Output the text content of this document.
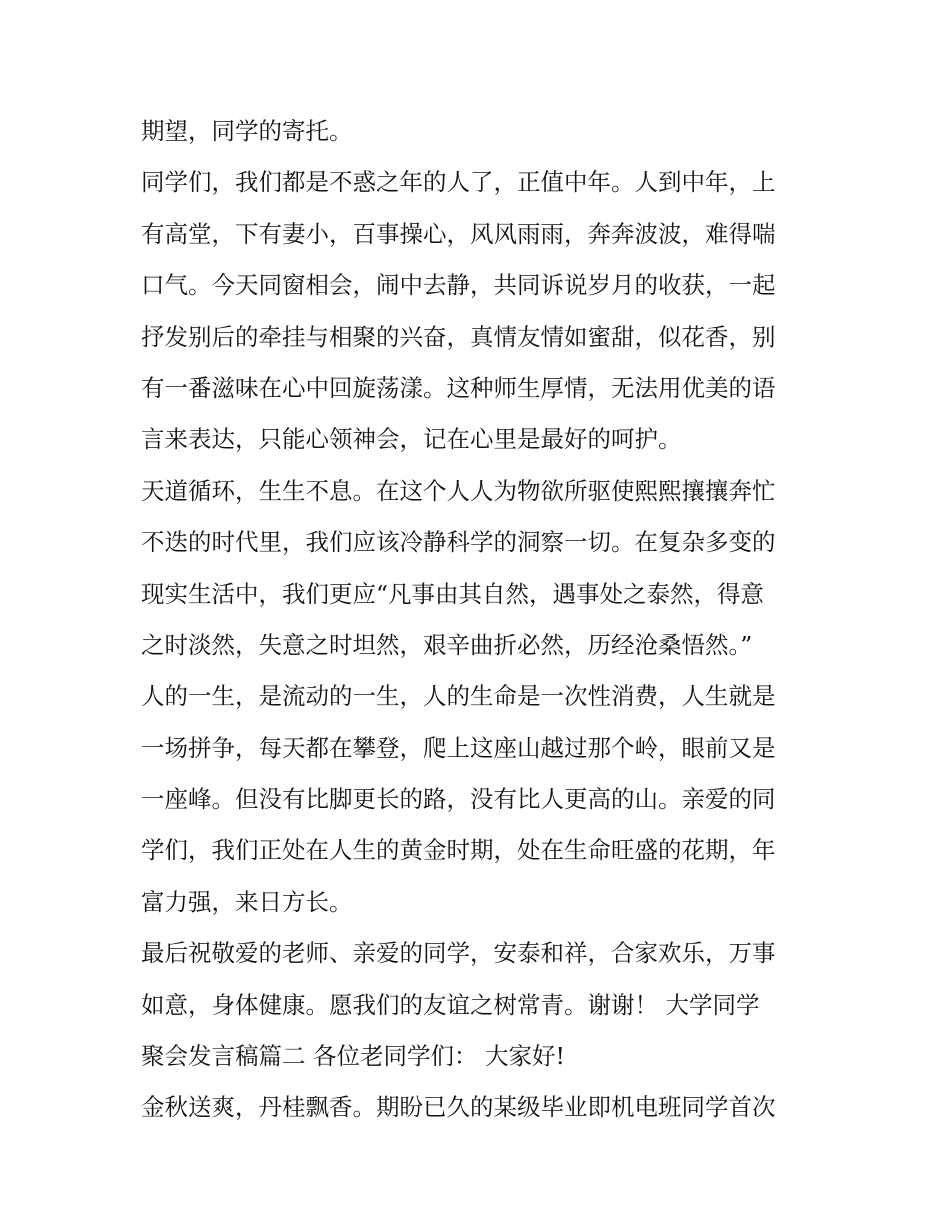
期望，同学的寄托。
同学们，我们都是不惑之年的人了，正值中年。人到中年，上
有高堂，下有妻小，百事操心，风风雨雨，奔奔波波，难得喘
口气。今天同窗相会，闹中去静，共同诉说岁月的收获，一起
抒发别后的牵挂与相聚的兴奋，真情友情如蜜甜，似花香，别
有一番滋味在心中回旋荡漾。这种师生厚情，无法用优美的语
言来表达，只能心领神会，记在心里是最好的呵护。
天道循环，生生不息。在这个人人为物欲所驱使熙熙攘攘奔忙
不迭的时代里，我们应该冷静科学的洞察一切。在复杂多变的
现实生活中，我们更应“凡事由其自然，遇事处之泰然，得意
之时淡然，失意之时坦然，艰辛曲折必然，历经沧桑悟然。”
人的一生，是流动的一生，人的生命是一次性消费，人生就是
一场拼争，每天都在攀登，爬上这座山越过那个岭，眼前又是
一座峰。但没有比脚更长的路，没有比人更高的山。亲爱的同
学们，我们正处在人生的黄金时期，处在生命旺盛的花期，年
富力强，来日方长。
最后祝敬爱的老师、亲爱的同学，安泰和祥，合家欢乐，万事
如意，身体健康。愿我们的友谊之树常青。谢谢！ 大学同学
聚会发言稿篇二 各位老同学们： 大家好!
金秋送爽，丹桂飘香。期盼已久的某级毕业即机电班同学首次
